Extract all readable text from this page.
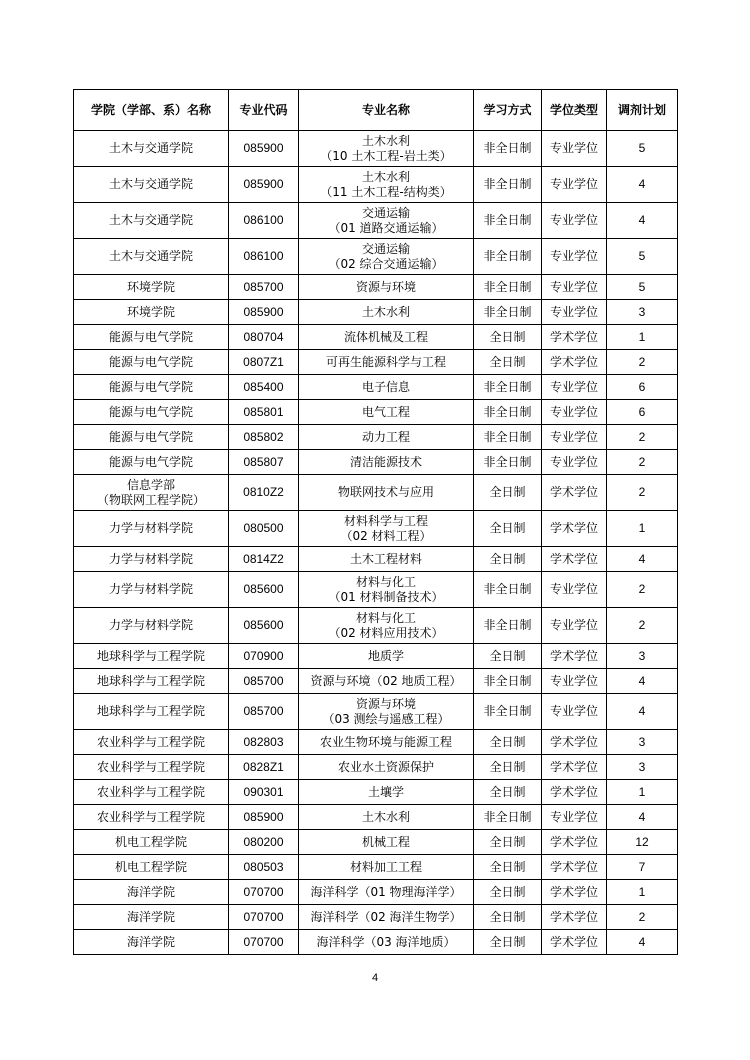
学院（学部、系）名称	专业代码	专业名称	学习方式	学位类型	调剂计划

土木与交通学院	085900	土木水利
（10 土木工程-岩土类）	非全日制	专业学位	5

土木与交通学院	085900	土木水利
（11 土木工程-结构类）	非全日制	专业学位	4

土木与交通学院	086100	交通运输
（01 道路交通运输）	非全日制	专业学位	4

土木与交通学院	086100	交通运输
（02 综合交通运输）	非全日制	专业学位	5

环境学院	085700	资源与环境	非全日制	专业学位	5

环境学院	085900	土木水利	非全日制	专业学位	3

能源与电气学院	080704	流体机械及工程	全日制	学术学位	1

能源与电气学院	0807Z1	可再生能源科学与工程	全日制	学术学位	2

能源与电气学院	085400	电子信息	非全日制	专业学位	6

能源与电气学院	085801	电气工程	非全日制	专业学位	6

能源与电气学院	085802	动力工程	非全日制	专业学位	2

能源与电气学院	085807	清洁能源技术	非全日制	专业学位	2

信息学部
（物联网工程学院）	0810Z2	物联网技术与应用	全日制	学术学位	2

力学与材料学院	080500	材料科学与工程
（02 材料工程）	全日制	学术学位	1

力学与材料学院	0814Z2	土木工程材料	全日制	学术学位	4

力学与材料学院	085600	材料与化工
（01 材料制备技术）	非全日制	专业学位	2

力学与材料学院	085600	材料与化工
（02 材料应用技术）	非全日制	专业学位	2

地球科学与工程学院	070900	地质学	全日制	学术学位	3

地球科学与工程学院	085700	资源与环境（02 地质工程）	非全日制	专业学位	4

地球科学与工程学院	085700	资源与环境
（03 测绘与遥感工程）	非全日制	专业学位	4

农业科学与工程学院	082803	农业生物环境与能源工程	全日制	学术学位	3

农业科学与工程学院	0828Z1	农业水土资源保护	全日制	学术学位	3

农业科学与工程学院	090301	土壤学	全日制	学术学位	1

农业科学与工程学院	085900	土木水利	非全日制	专业学位	4

机电工程学院	080200	机械工程	全日制	学术学位	12

机电工程学院	080503	材料加工工程	全日制	学术学位	7

海洋学院	070700	海洋科学（01 物理海洋学）	全日制	学术学位	1

海洋学院	070700	海洋科学（02 海洋生物学）	全日制	学术学位	2

海洋学院	070700	海洋科学（03 海洋地质）	全日制	学术学位	4
4
